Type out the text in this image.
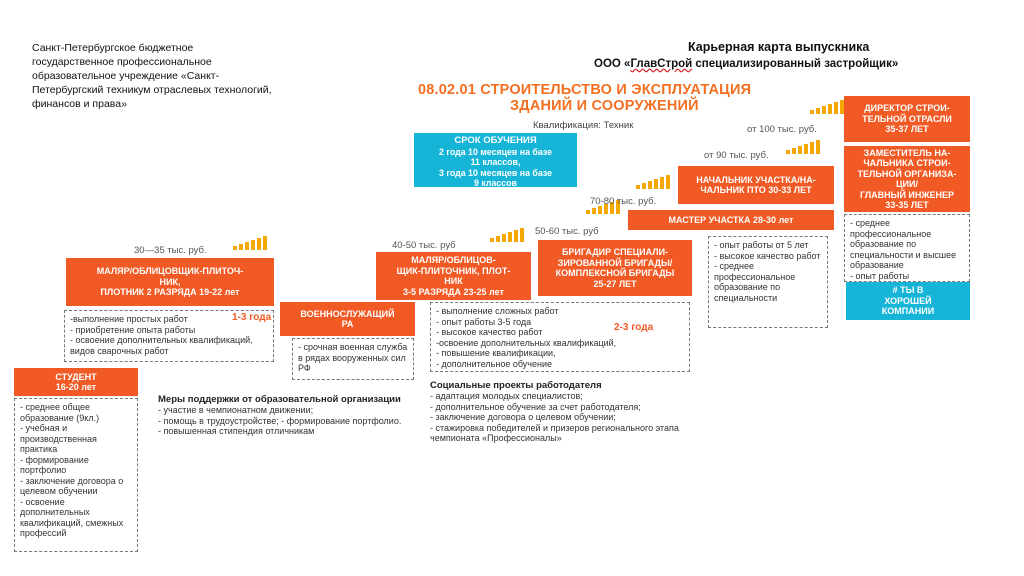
Санкт-Петербургское бюджетное государственное профессиональное образовательное учреждение «Санкт-Петербургский техникум отраслевых технологий, финансов и права»
Карьерная карта выпускника
ООО «ГлавСтрой специализированный застройщик»
08.02.01 СТРОИТЕЛЬСТВО И ЭКСПЛУАТАЦИЯ
ЗДАНИЙ И СООРУЖЕНИЙ
Квалификация: Техник
СРОК ОБУЧЕНИЯ
2 года 10 месяцев на базе
11 классов,
3 года 10 месяцев на базе
9 классов
СТУДЕНТ
16-20 лет
- среднее общее образование (9кл.)
- учебная и производственная практика
- формирование портфолио
- заключение договора о целевом обучении
- освоение дополнительных квалификаций, смежных профессий
30—35 тыс. руб.
МАЛЯР/ОБЛИЦОВЩИК-ПЛИТОЧ-
НИК,
ПЛОТНИК 2 РАЗРЯДА 19-22 лет
1-3 года
-выполнение простых работ
- приобретение опыта работы
- освоение дополнительных квалификаций, видов сварочных работ
ВОЕННОСЛУЖАЩИЙ
РА
- срочная военная служба в рядах вооруженных сил РФ
Меры поддержки от образовательной организации
- участие в чемпионатном движении;
- помощь в трудоустройстве; - формирование портфолио.
- повышенная стипендия отличникам
40-50 тыс. руб
МАЛЯР/ОБЛИЦОВ-
ЩИК-ПЛИТОЧНИК, ПЛОТ-
НИК
3-5 РАЗРЯДА 23-25 лет
- выполнение сложных работ
- опыт работы 3-5 года
- высокое качество работ
-освоение дополнительных квалификаций,
- повышение квалификации,
- дополнительное обучение
2-3 года
Социальные проекты работодателя
- адаптация молодых специалистов;
- дополнительное обучение за счет работодателя;
- заключение договора о целевом обучении;
- стажировка победителей и призеров регионального этапа чемпионата «Профессионалы»
50-60 тыс. руб
БРИГАДИР СПЕЦИАЛИ-
ЗИРОВАННОЙ БРИГАДЫ/
КОМПЛЕКСНОЙ БРИГАДЫ
25-27 ЛЕТ
70-80 тыс. руб.
МАСТЕР УЧАСТКА 28-30 лет
- опыт работы от 5 лет
- высокое качество работ
- среднее профессиональное образование по специальности
от 90 тыс. руб.
НАЧАЛЬНИК УЧАСТКА/НА-
ЧАЛЬНИК ПТО 30-33 ЛЕТ
от 100 тыс. руб.
ДИРЕКТОР СТРОИ-
ТЕЛЬНОЙ ОТРАСЛИ
35-37 ЛЕТ
ЗАМЕСТИТЕЛЬ НА-
ЧАЛЬНИКА СТРОИ-
ТЕЛЬНОЙ ОРГАНИЗА-
ЦИИ/
ГЛАВНЫЙ ИНЖЕНЕР
33-35 ЛЕТ
- среднее профессиональное образование по специальности и высшее образование
- опыт работы
# ТЫ В
ХОРОШЕЙ
КОМПАНИИ
